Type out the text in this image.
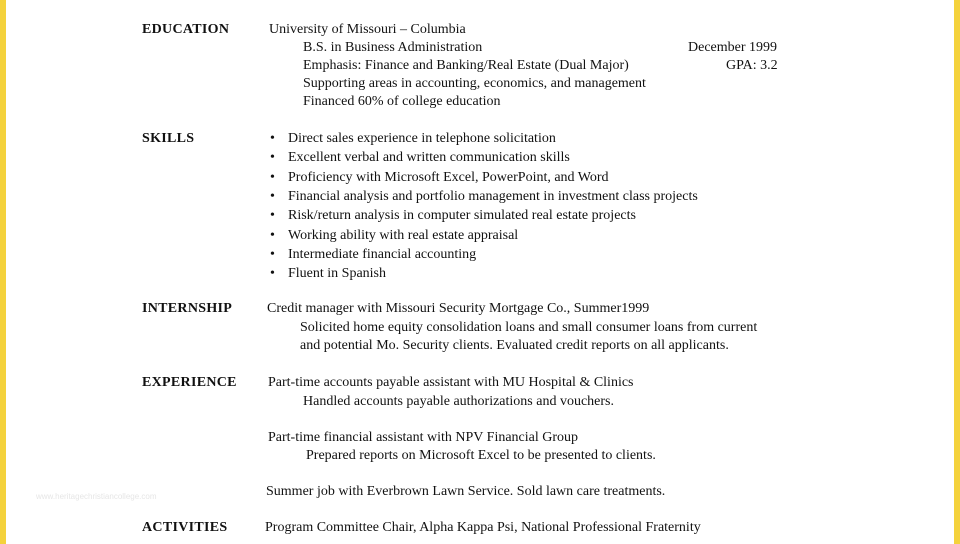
EDUCATION	University of Missouri – Columbia
B.S. in Business Administration	December 1999
Emphasis: Finance and Banking/Real Estate (Dual Major)	GPA: 3.2
Supporting areas in accounting, economics, and management
Financed 60% of college education
SKILLS	• Direct sales experience in telephone solicitation
• Excellent verbal and written communication skills
• Proficiency with Microsoft Excel, PowerPoint, and Word
• Financial analysis and portfolio management in investment class projects
• Risk/return analysis in computer simulated real estate projects
• Working ability with real estate appraisal
• Intermediate financial accounting
• Fluent in Spanish
INTERNSHIP Credit manager with Missouri Security Mortgage Co., Summer1999
Solicited home equity consolidation loans and small consumer loans from current
and potential Mo. Security clients. Evaluated credit reports on all applicants.
EXPERIENCE Part-time accounts payable assistant with MU Hospital & Clinics
Handled accounts payable authorizations and vouchers.
Part-time financial assistant with NPV Financial Group
Prepared reports on Microsoft Excel to be presented to clients.
Summer job with Everbrown Lawn Service. Sold lawn care treatments.
ACTIVITIES	Program Committee Chair, Alpha Kappa Psi, National Professional Fraternity
www.heritagechristiancollege.com
